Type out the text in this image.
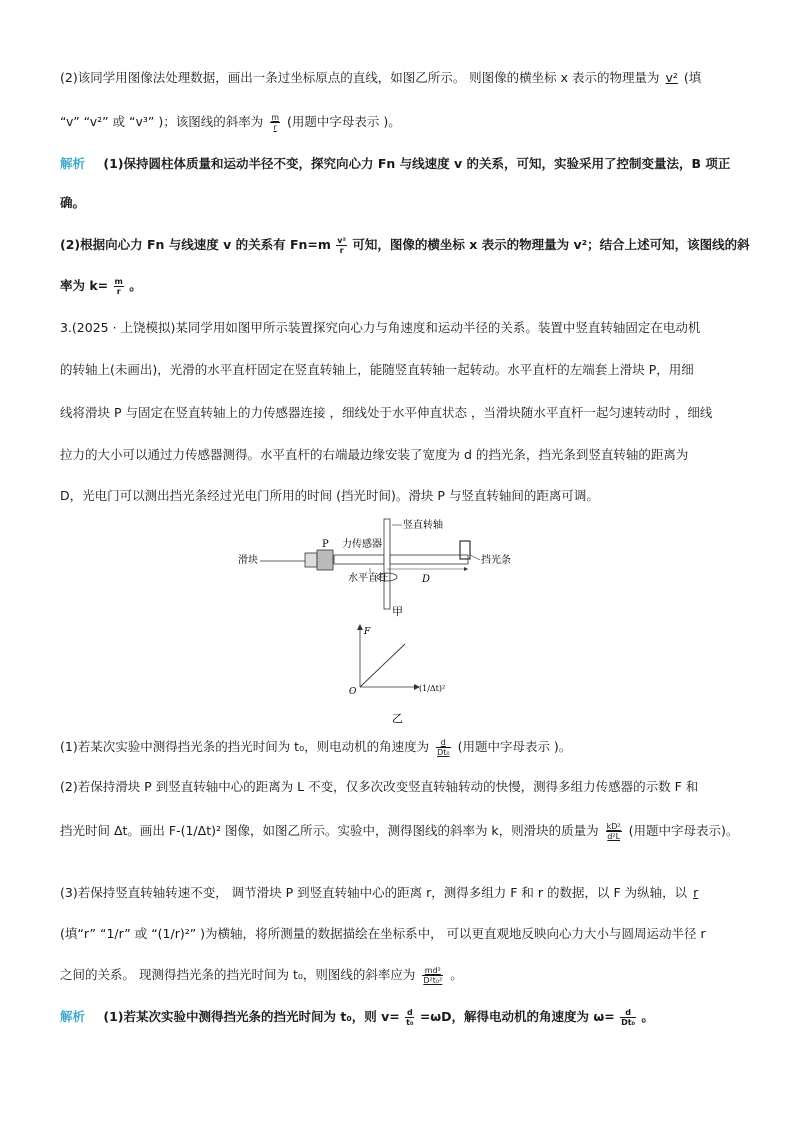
(2)该同学用图像法处理数据，画出一条过坐标原点的直线，如图乙所示。 则图像的横坐标 x 表示的物理量为 v² (填
“v” “v²” 或 “v³” )；该图线的斜率为 $\frac{m}{r}$ (用题中字母表示 )。
解析 (1)保持圆柱体质量和运动半径不变，探究向心力 Fn 与线速度 v 的关系，可知，实验采用了控制变量法，B 项正
确。
(2)根据向心力 Fn 与线速度 v 的关系有 $Fn=m \frac{\text{v²}}{r}$ 可知，图像的横坐标 x 表示的物理量为 v²；结合上述可知，该图线的斜
率为 $k= \frac{m}{r}$ 。
3.(2025 · 上饶模拟)某同学用如图甲所示装置探究向心力与角速度和运动半径的关系。装置中竖直转轴固定在电动机
的转轴上(未画出)，光滑的水平直杆固定在竖直转轴上，能随竖直转轴一起转动。水平直杆的左端套上滑块 P，用细
线将滑块 P 与固定在竖直转轴上的力传感器连接 ，细线处于水平伸直状态 ，当滑块随水平直杆一起匀速转动时 ，细线
拉力的大小可以通过力传感器测得。水平直杆的右端最边缘安装了宽度为 d 的挡光条，挡光条到竖直转轴的距离为
D，光电门可以测出挡光条经过光电门所用的时间 (挡光时间)。滑块 P 与竖直转轴间的距离可调。
滑块
P 力传感器
竖直转轴
水平直杆	D
挡光条
甲
F
O	(1/Δt)²
乙
(1)若某次实验中测得挡光条的挡光时间为 t₀，则电动机的角速度为 $\frac{d}{\text{Dt₀}}$ (用题中字母表示 )。
(2)若保持滑块 P 到竖直转轴中心的距离为 L 不变，仅多次改变竖直转轴转动的快慢，测得多组力传感器的示数 F 和
挡光时间 Δt。画出 F-(1/Δt)² 图像，如图乙所示。实验中，测得图线的斜率为 k，则滑块的质量为 $\frac{\text{kD²}}{\text{d²L}}$ (用题中字母表示)。
(3)若保持竖直转轴转速不变， 调节滑块 P 到竖直转轴中心的距离 r，测得多组力 F 和 r 的数据，以 F 为纵轴，以 r
(填“r” “1/r” 或 “(1/r)²” )为横轴，将所测量的数据描绘在坐标系中， 可以更直观地反映向心力大小与圆周运动半径 r
之间的关系。 现测得挡光条的挡光时间为 t₀，则图线的斜率应为 $\frac{\text{md²}}{\text{D²t₀²}}$ 。
解析 (1)若某次实验中测得挡光条的挡光时间为 t₀，则 $v= \frac{d}{\text{t₀}} =\omega D$，解得电动机的角速度为 $\omega= \frac{d}{\text{Dt₀}}$ 。
